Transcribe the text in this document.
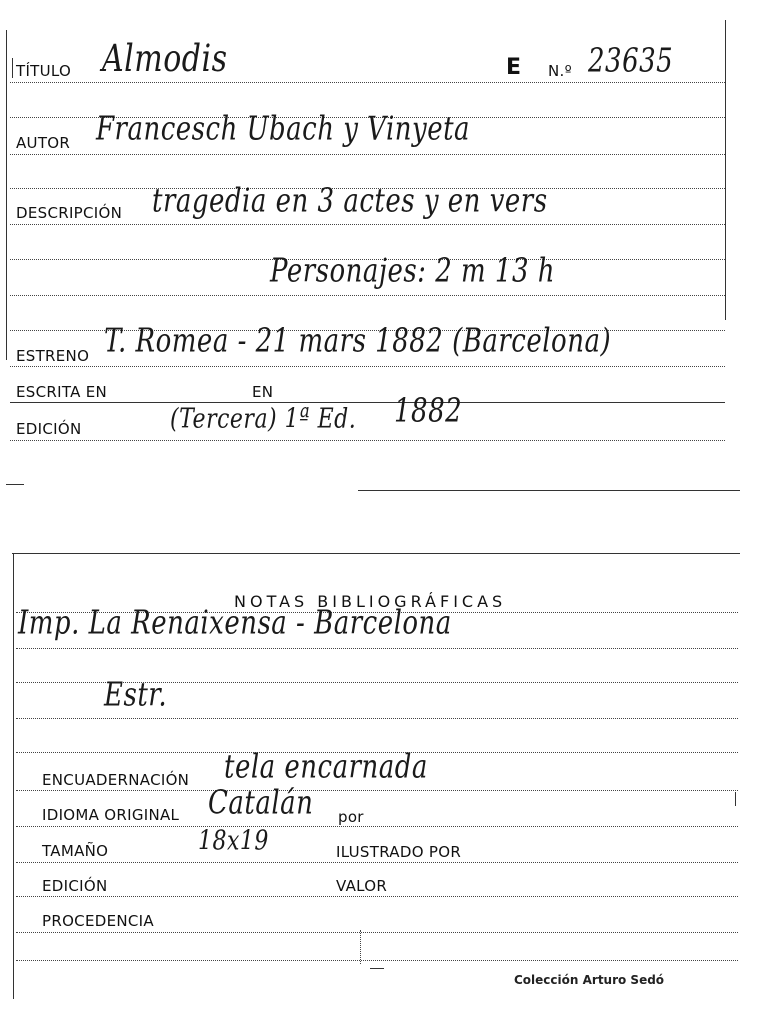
TÍTULO Almodis	E N.º 23635
AUTOR Francesch Ubach y Vinyeta
DESCRIPCIÓN tragedia en 3 actes y en vers
Personajes: 2 m 13 h
ESTRENO T. Romea - 21 mars 1882 (Barcelona)
ESCRITA EN	EN
EDICIÓN	(Tercera) 1ª Ed. 1882
NOTAS BIBLIOGRÁFICAS
Imp. La Renaixensa - Barcelona
Estr.
ENCUADERNACIÓN tela encarnada
IDIOMA ORIGINAL Catalán por
TAMAÑO	18x19	ILUSTRADO POR
EDICIÓN	VALOR
PROCEDENCIA
Colección Arturo Sedó
